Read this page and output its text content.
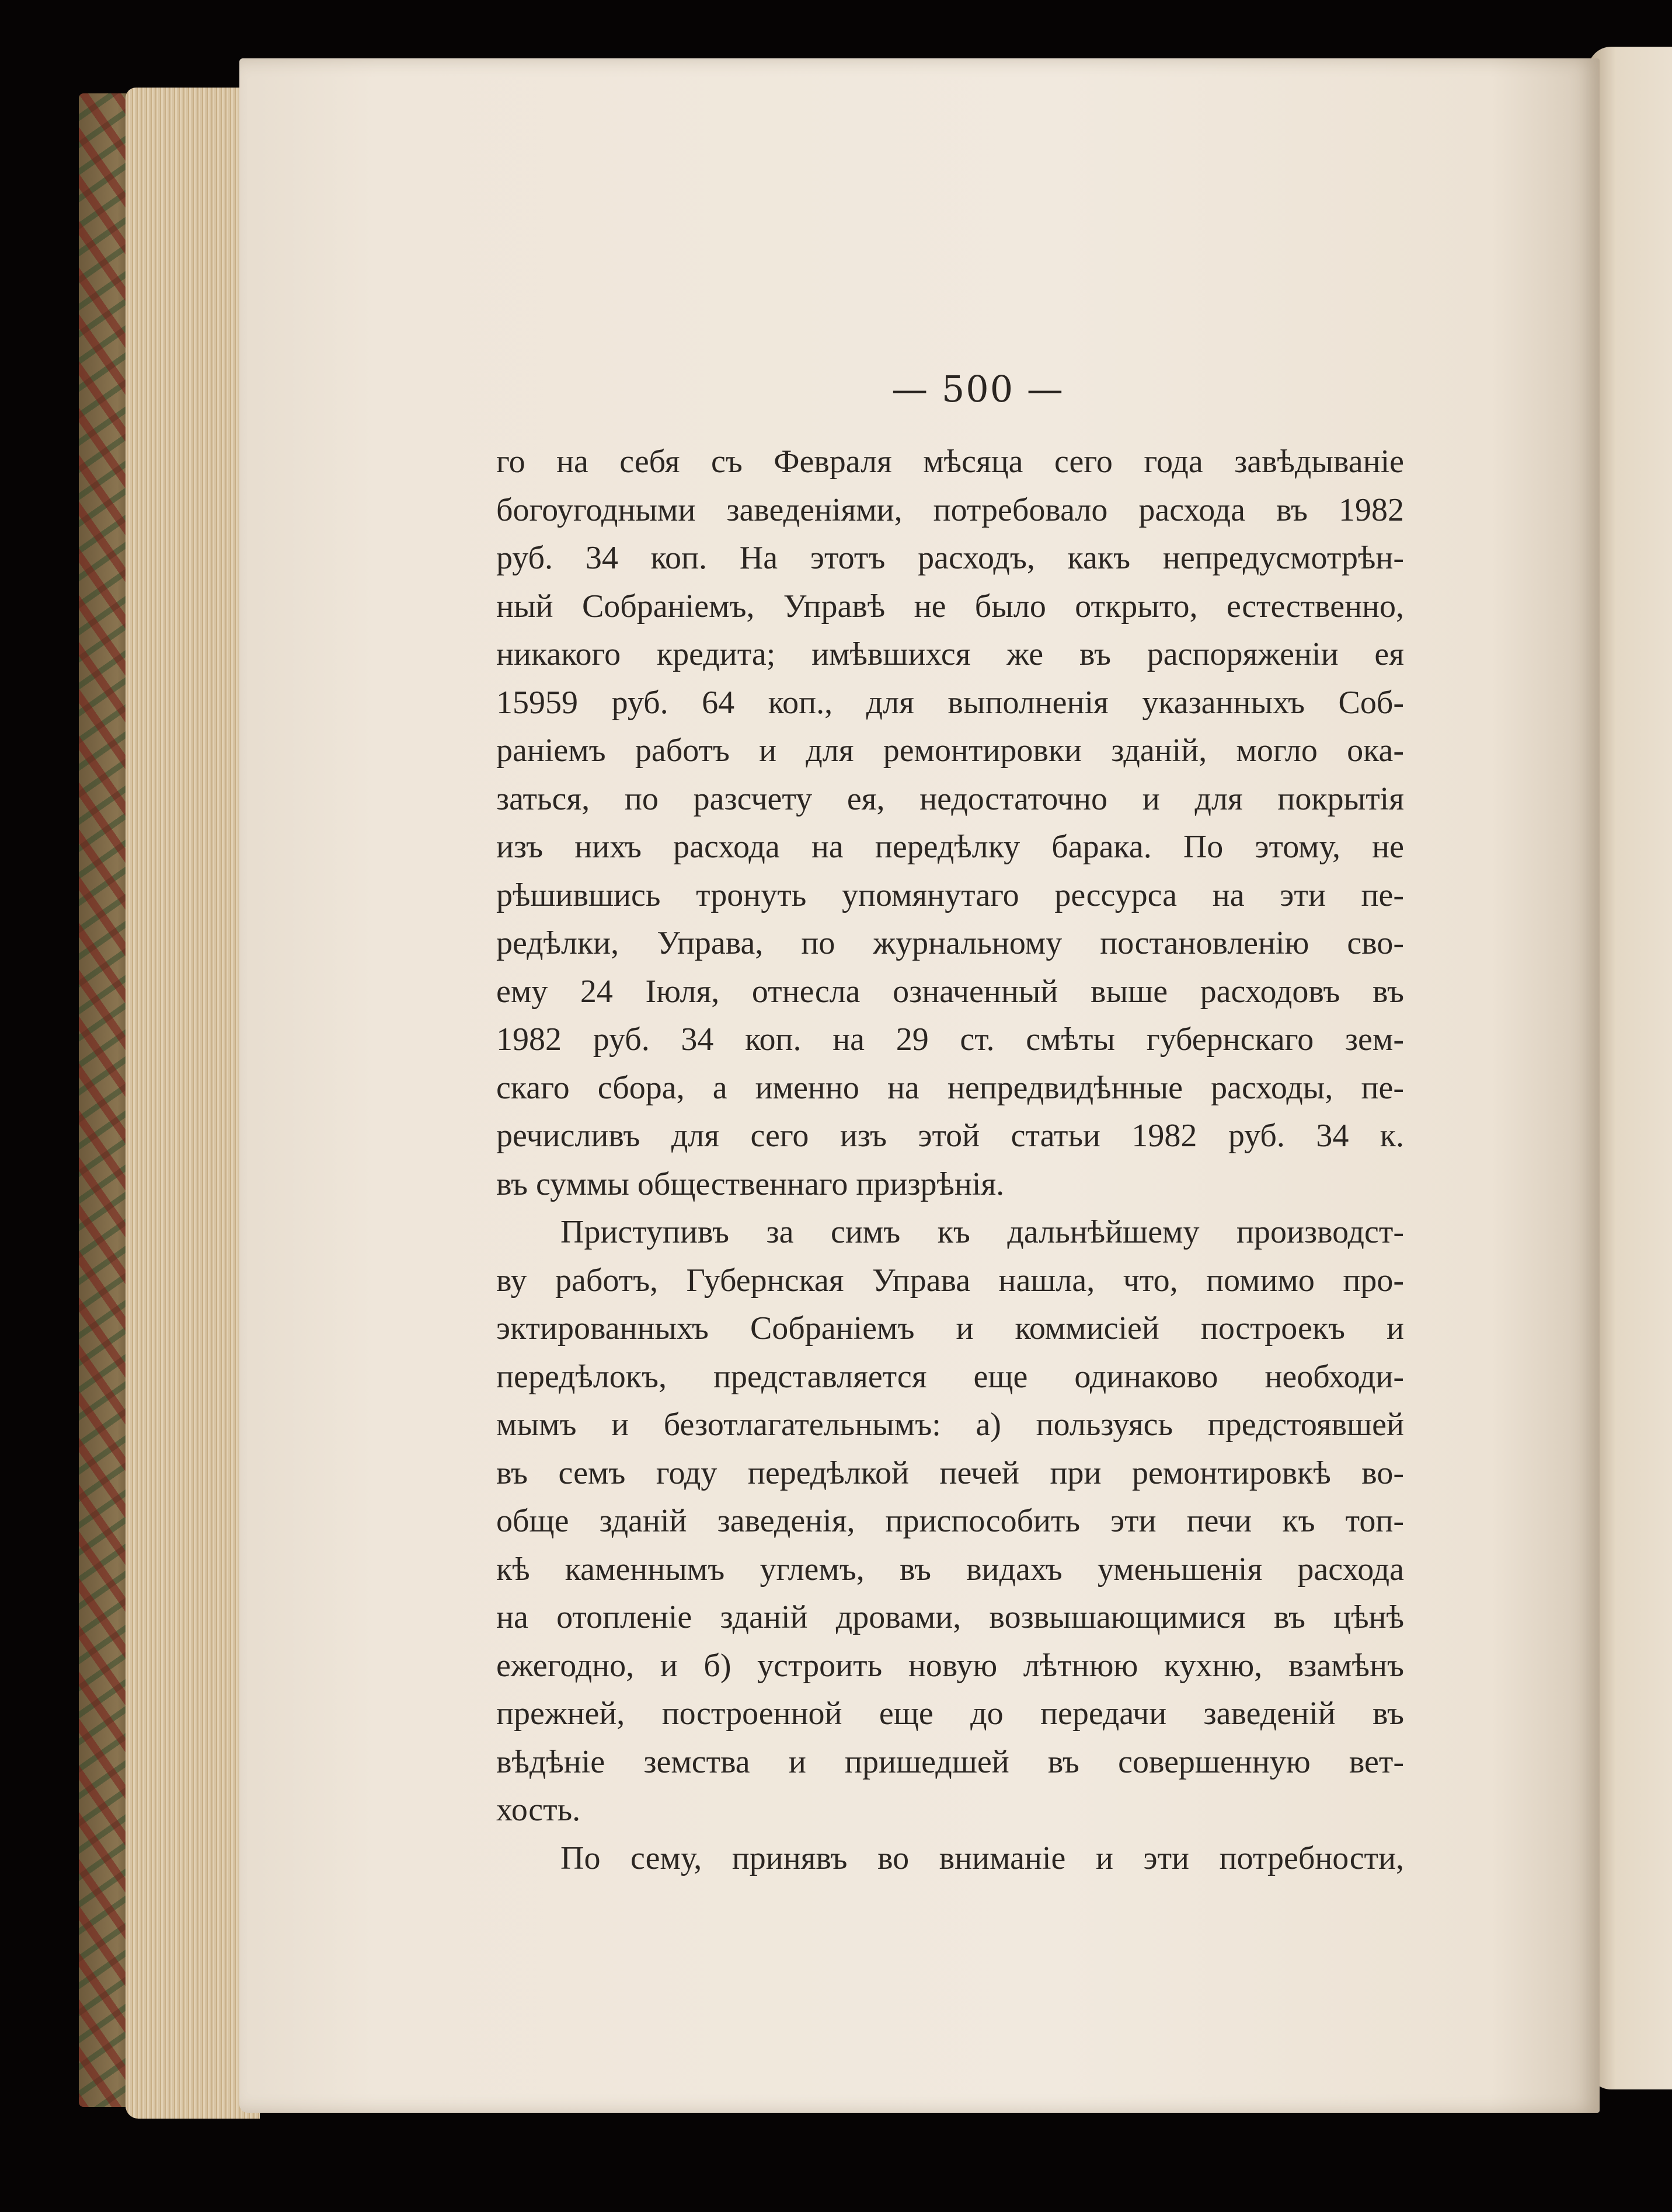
— 500 —
го на себя съ Февраля мѣсяца сего года завѣдываніе
богоугодными заведеніями, потребовало расхода въ 1982
руб. 34 коп. На этотъ расходъ, какъ непредусмотрѣн-
ный Собраніемъ, Управѣ не было открыто, естественно,
никакого кредита; имѣвшихся же въ распоряженіи ея
15959 руб. 64 коп., для выполненія указанныхъ Соб-
раніемъ работъ и для ремонтировки зданій, могло ока-
заться, по разсчету ея, недостаточно и для покрытія
изъ нихъ расхода на передѣлку барака. По этому, не
рѣшившись тронуть упомянутаго рессурса на эти пе-
редѣлки, Управа, по журнальному постановленію сво-
ему 24 Іюля, отнесла означенный выше расходовъ въ
1982 руб. 34 коп. на 29 ст. смѣты губернскаго зем-
скаго сбора, а именно на непредвидѣнные расходы, пе-
речисливъ для сего изъ этой статьи 1982 руб. 34 к.
въ суммы общественнаго призрѣнія.
Приступивъ за симъ къ дальнѣйшему производст-
ву работъ, Губернская Управа нашла, что, помимо про-
эктированныхъ Собраніемъ и коммисіей построекъ и
передѣлокъ, представляется еще одинаково необходи-
мымъ и безотлагательнымъ: а) пользуясь предстоявшей
въ семъ году передѣлкой печей при ремонтировкѣ во-
обще зданій заведенія, приспособить эти печи къ топ-
кѣ каменнымъ углемъ, въ видахъ уменьшенія расхода
на отопленіе зданій дровами, возвышающимися въ цѣнѣ
ежегодно, и б) устроить новую лѣтнюю кухню, взамѣнъ
прежней, построенной еще до передачи заведеній въ
вѣдѣніе земства и пришедшей въ совершенную вет-
хость.
По сему, принявъ во вниманіе и эти потребности,
